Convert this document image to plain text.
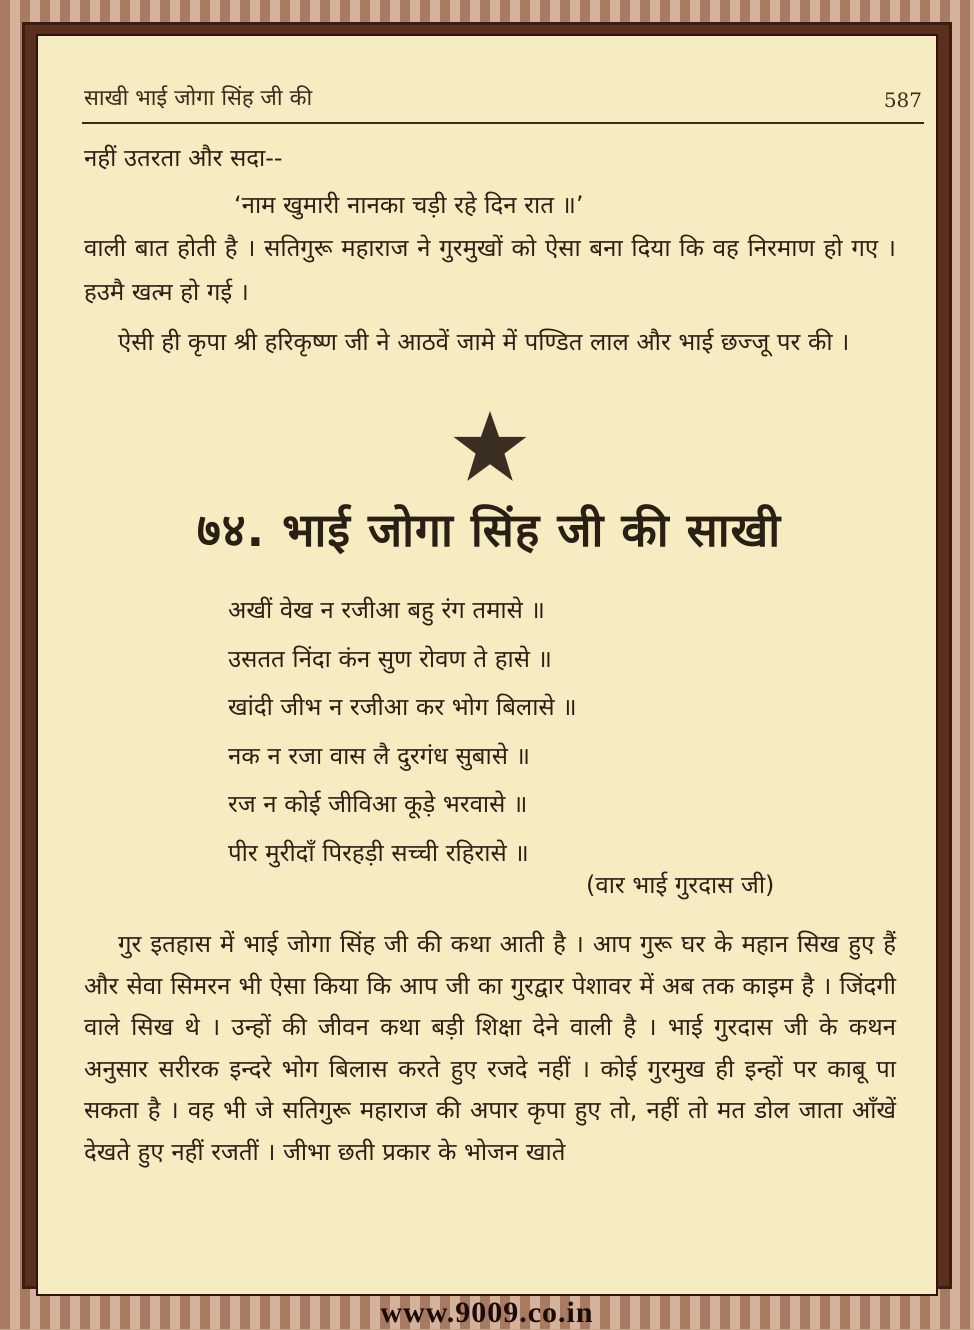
साखी भाई जोगा सिंह जी की	587
नहीं उतरता और सदा--
‘नाम खुमारी नानका चड़ी रहे दिन रात ॥’
वाली बात होती है । सतिगुरू महाराज ने गुरमुखों को ऐसा बना दिया कि वह निरमाण हो गए । हउमै खत्म हो गई ।
ऐसी ही कृपा श्री हरिकृष्ण जी ने आठवें जामे में पण्डित लाल और भाई छज्जू पर की ।
७४. भाई जोगा सिंह जी की साखी
अखीं वेख न रजीआ बहु रंग तमासे ॥
उसतत निंदा कंन सुण रोवण ते हासे ॥
खांदी जीभ न रजीआ कर भोग बिलासे ॥
नक न रजा वास लै दुरगंध सुबासे ॥
रज न कोई जीविआ कूड़े भरवासे ॥
पीर मुरीदाँ पिरहड़ी सच्ची रहिरासे ॥
(वार भाई गुरदास जी)
गुर इतहास में भाई जोगा सिंह जी की कथा आती है । आप गुरू घर के महान सिख हुए हैं और सेवा सिमरन भी ऐसा किया कि आप जी का गुरद्वार पेशावर में अब तक काइम है । जिंदगी वाले सिख थे । उन्हों की जीवन कथा बड़ी शिक्षा देने वाली है । भाई गुरदास जी के कथन अनुसार सरीरक इन्दरे भोग बिलास करते हुए रजदे नहीं । कोई गुरमुख ही इन्हों पर काबू पा सकता है । वह भी जे सतिगुरू महाराज की अपार कृपा हुए तो, नहीं तो मत डोल जाता आँखें देखते हुए नहीं रजतीं । जीभा छती प्रकार के भोजन खाते
www.9009.co.in
